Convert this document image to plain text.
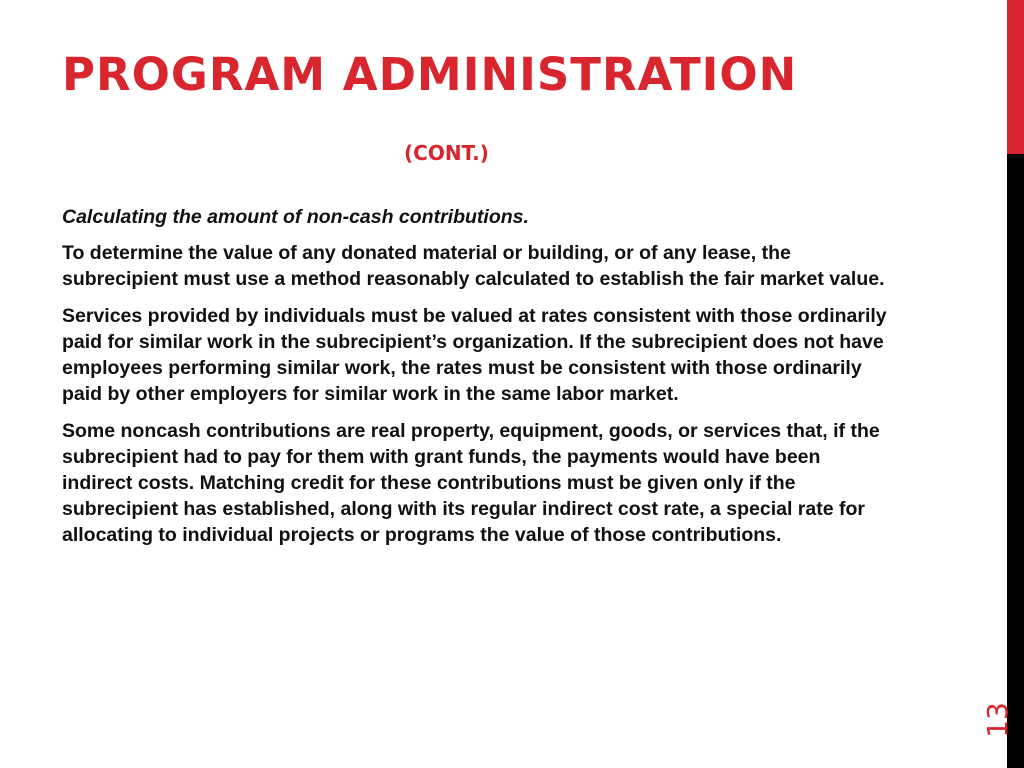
PROGRAM ADMINISTRATION
(CONT.)

Calculating the amount of non-cash contributions.

To determine the value of any donated material or building, or of any lease, the subrecipient must use a method reasonably calculated to establish the fair market value.

Services provided by individuals must be valued at rates consistent with those ordinarily paid for similar work in the subrecipient’s organization. If the subrecipient does not have employees performing similar work, the rates must be consistent with those ordinarily paid by other employers for similar work in the same labor market.

Some noncash contributions are real property, equipment, goods, or services that, if the subrecipient had to pay for them with grant funds, the payments would have been indirect costs. Matching credit for these contributions must be given only if the subrecipient has established, along with its regular indirect cost rate, a special rate for allocating to individual projects or programs the value of those contributions.

13
